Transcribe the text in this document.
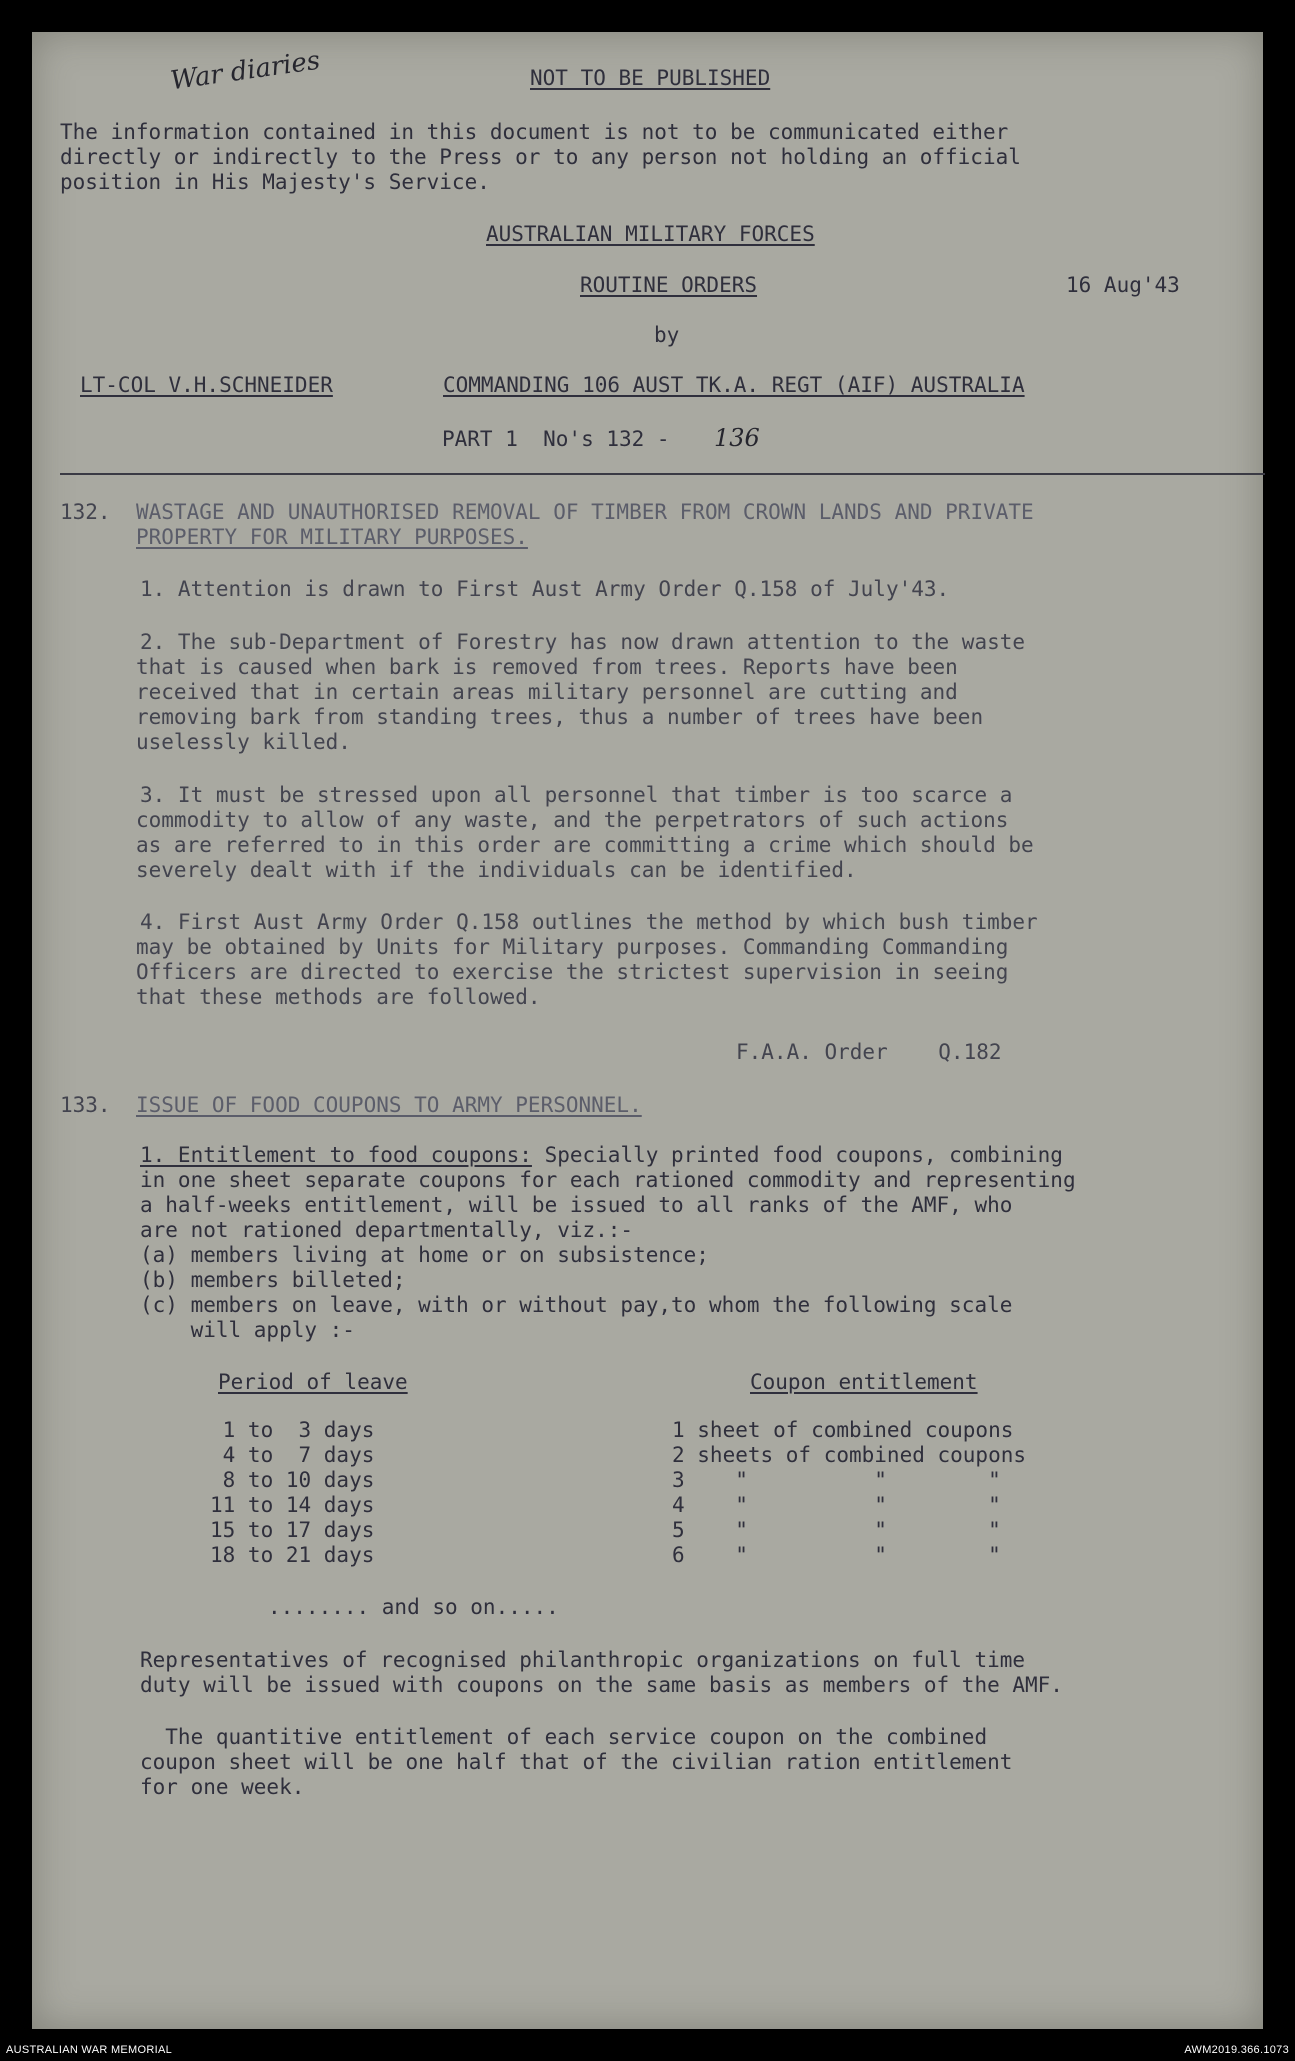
War diaries	NOT TO BE PUBLISHED
The information contained in this document is not to be communicated either
directly or indirectly to the Press or to any person not holding an official
position in His Majesty's Service.
AUSTRALIAN MILITARY FORCES
ROUTINE ORDERS	16 Aug'43
by
LT-COL V.H.SCHNEIDER	COMMANDING 106 AUST TK.A. REGT (AIF) AUSTRALIA
PART 1  No's 132 - 136
132. WASTAGE AND UNAUTHORISED REMOVAL OF TIMBER FROM CROWN LANDS AND PRIVATE
PROPERTY FOR MILITARY PURPOSES.
1. Attention is drawn to First Aust Army Order Q.158 of July'43.
2. The sub-Department of Forestry has now drawn attention to the waste
that is caused when bark is removed from trees. Reports have been
received that in certain areas military personnel are cutting and
removing bark from standing trees, thus a number of trees have been
uselessly killed.
3. It must be stressed upon all personnel that timber is too scarce a
commodity to allow of any waste, and the perpetrators of such actions
as are referred to in this order are committing a crime which should be
severely dealt with if the individuals can be identified.
4. First Aust Army Order Q.158 outlines the method by which bush timber
may be obtained by Units for Military purposes. Commanding Commanding
Officers are directed to exercise the strictest supervision in seeing
that these methods are followed.
F.A.A. Order    Q.182
133. ISSUE OF FOOD COUPONS TO ARMY PERSONNEL.
1. Entitlement to food coupons: Specially printed food coupons, combining
in one sheet separate coupons for each rationed commodity and representing
a half-weeks entitlement, will be issued to all ranks of the AMF, who
are not rationed departmentally, viz.:-
(a) members living at home or on subsistence;
(b) members billeted;
(c) members on leave, with or without pay,to whom the following scale
will apply :-
Period of leave	Coupon entitlement
1 to  3 days	1 sheet of combined coupons
4 to  7 days	2 sheets of combined coupons
8 to 10 days	3    "          "        "
11 to 14 days	4    "          "        "
15 to 17 days	5    "          "        "
18 to 21 days	6    "          "        "
........ and so on.....
Representatives of recognised philanthropic organizations on full time
duty will be issued with coupons on the same basis as members of the AMF.
The quantitive entitlement of each service coupon on the combined
coupon sheet will be one half that of the civilian ration entitlement
for one week.
AUSTRALIAN WAR MEMORIAL	AWM2019.366.1073
